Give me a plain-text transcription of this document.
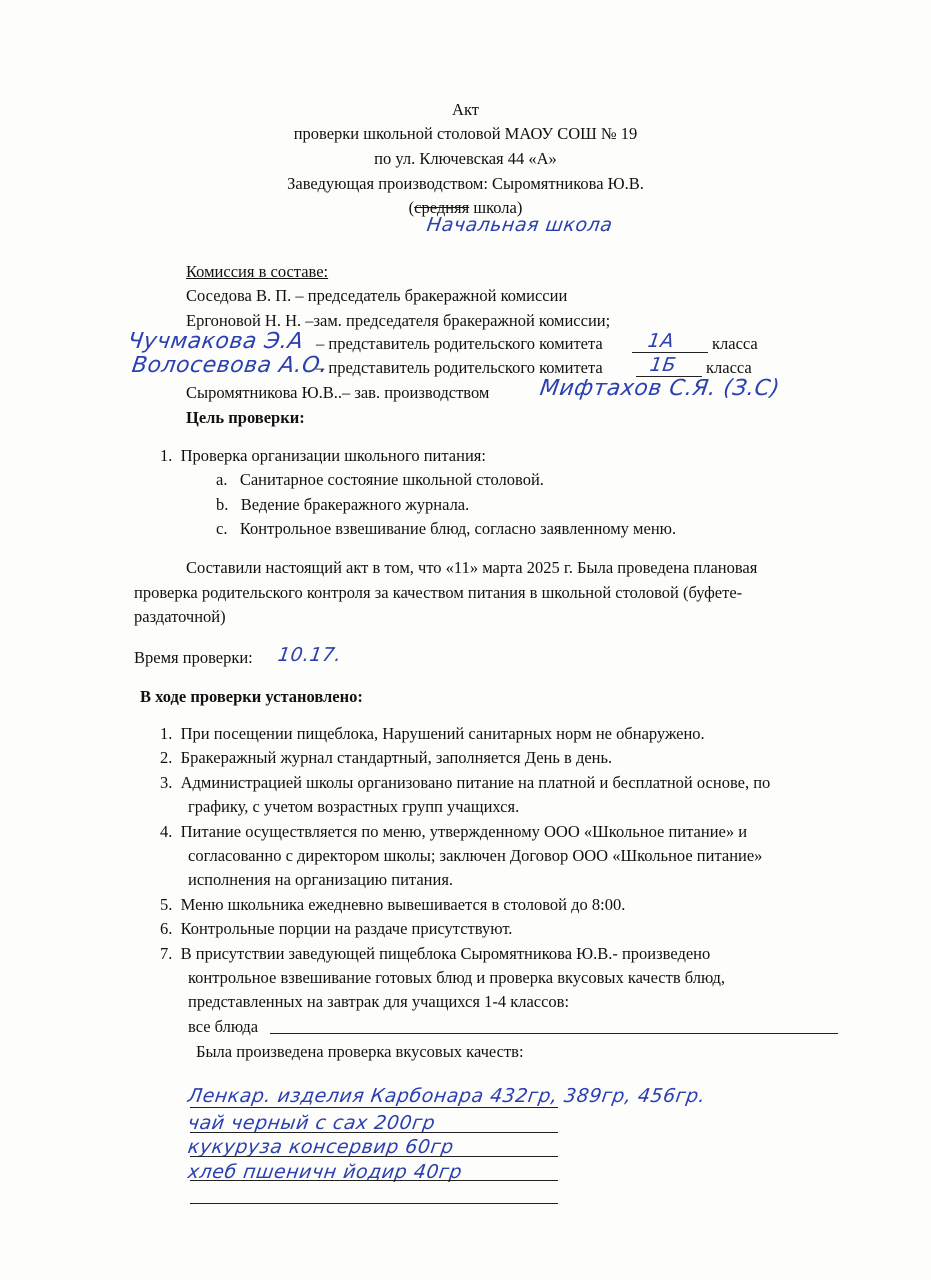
Акт
проверки школьной столовой МАОУ СОШ № 19
по ул. Ключевская 44 «А»
Заведующая производством: Сыромятникова Ю.В.
(средняя школа)
Начальная школа
Комиссия в составе:
Соседова В. П. – председатель бракеражной комиссии
Ергоновой Н. Н. –зам. председателя бракеражной комиссии;
Чучмакова Э.А – представитель родительского комитета 1А класса
Волосевова А.О.
– представитель родительского комитета 1Б класса
Сыромятникова Ю.В..– зав. производством Мифтахов С.Я. (З.С)
Цель проверки:
1. Проверка организации школьного питания:
a. Санитарное состояние школьной столовой.
b. Ведение бракеражного журнала.
c. Контрольное взвешивание блюд, согласно заявленному меню.
Составили настоящий акт в том, что «11» марта 2025 г. Была проведена плановая
проверка родительского контроля за качеством питания в школьной столовой (буфете-
раздаточной)
Время проверки: 10.17.
В ходе проверки установлено:
1. При посещении пищеблока, Нарушений санитарных норм не обнаружено.
2. Бракеражный журнал стандартный, заполняется День в день.
3. Администрацией школы организовано питание на платной и бесплатной основе, по
графику, с учетом возрастных групп учащихся.
4. Питание осуществляется по меню, утвержденному ООО «Школьное питание» и
согласованно с директором школы; заключен Договор ООО «Школьное питание»
исполнения на организацию питания.
5. Меню школьника ежедневно вывешивается в столовой до 8:00.
6. Контрольные порции на раздаче присутствуют.
7. В присутствии заведующей пищеблока Сыромятникова Ю.В.- произведено
контрольное взвешивание готовых блюд и проверка вкусовых качеств блюд,
представленных на завтрак для учащихся 1-4 классов:
все блюда
Была произведена проверка вкусовых качеств:
Ленкар. изделия Карбонара 432гр, 389гр, 456гр.
чай черный с сах 200гр
кукуруза консервир 60гр
хлеб пшеничн йодир 40гр
